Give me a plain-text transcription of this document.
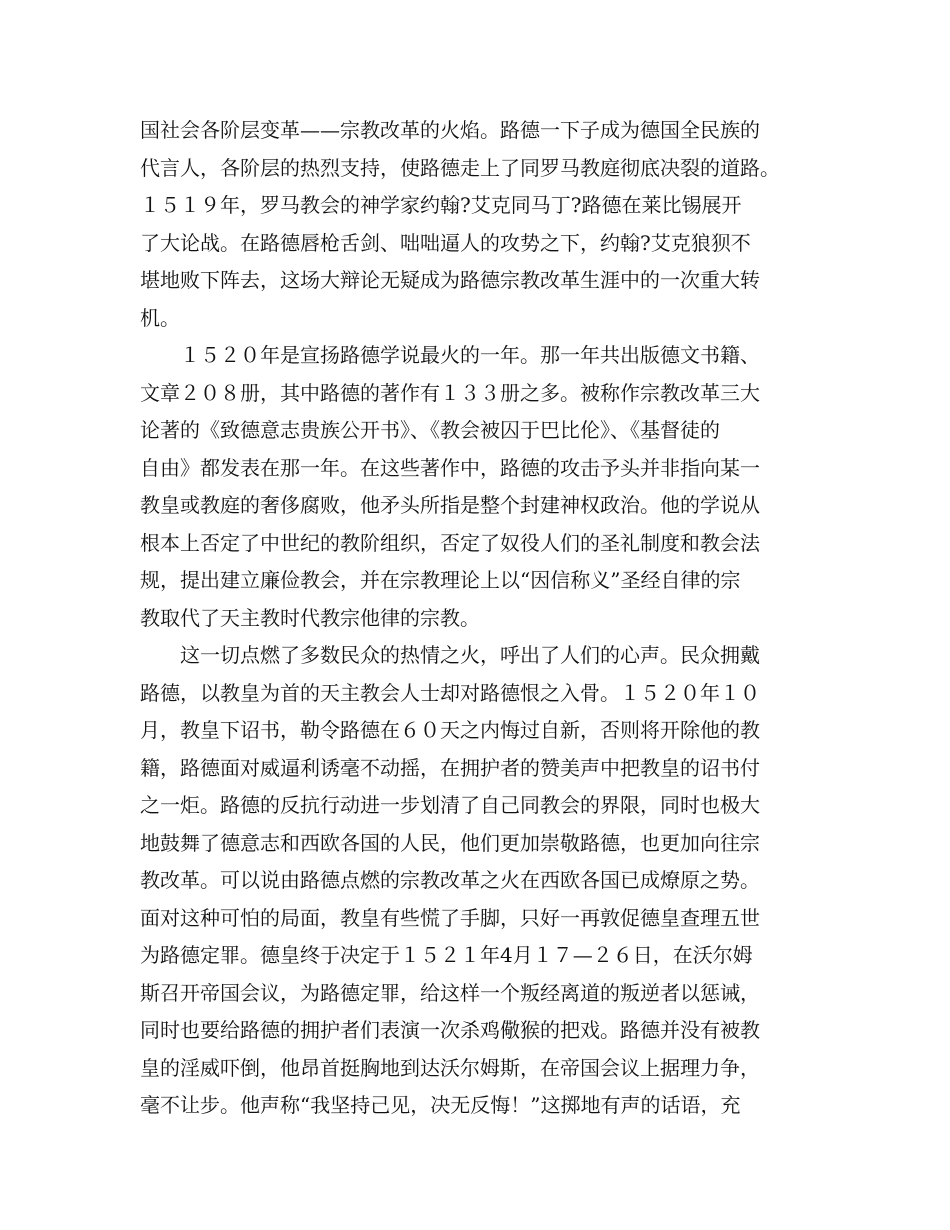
国社会各阶层变革——宗教改革的火焰。路德一下子成为德国全民族的
代言人，各阶层的热烈支持，使路德走上了同罗马教庭彻底决裂的道路。
１５１９年，罗马教会的神学家约翰?艾克同马丁?路德在莱比锡展开
了大论战。在路德唇枪舌剑、咄咄逼人的攻势之下，约翰?艾克狼狈不
堪地败下阵去，这场大辩论无疑成为路德宗教改革生涯中的一次重大转
机。
　　１５２０年是宣扬路德学说最火的一年。那一年共出版德文书籍、
文章２０８册，其中路德的著作有１３３册之多。被称作宗教改革三大
论著的《致德意志贵族公开书》、《教会被囚于巴比伦》、《基督徒的
自由》都发表在那一年。在这些著作中，路德的攻击予头并非指向某一
教皇或教庭的奢侈腐败，他矛头所指是整个封建神权政治。他的学说从
根本上否定了中世纪的教阶组织，否定了奴役人们的圣礼制度和教会法
规，提出建立廉俭教会，并在宗教理论上以“因信称义”圣经自律的宗
教取代了天主教时代教宗他律的宗教。
　　这一切点燃了多数民众的热情之火，呼出了人们的心声。民众拥戴
路德，以教皇为首的天主教会人士却对路德恨之入骨。１５２０年１０
月，教皇下诏书，勒令路德在６０天之内悔过自新，否则将开除他的教
籍，路德面对威逼利诱毫不动摇，在拥护者的赞美声中把教皇的诏书付
之一炬。路德的反抗行动进一步划清了自己同教会的界限，同时也极大
地鼓舞了德意志和西欧各国的人民，他们更加崇敬路德，也更加向往宗
教改革。可以说由路德点燃的宗教改革之火在西欧各国已成燎原之势。
面对这种可怕的局面，教皇有些慌了手脚，只好一再敦促德皇查理五世
为路德定罪。德皇终于决定于１５２１年4月１７—２６日，在沃尔姆
斯召开帝国会议，为路德定罪，给这样一个叛经离道的叛逆者以惩诫，
同时也要给路德的拥护者们表演一次杀鸡儆猴的把戏。路德并没有被教
皇的淫威吓倒，他昂首挺胸地到达沃尔姆斯，在帝国会议上据理力争，
毫不让步。他声称“我坚持己见，决无反悔！”这掷地有声的话语，充
